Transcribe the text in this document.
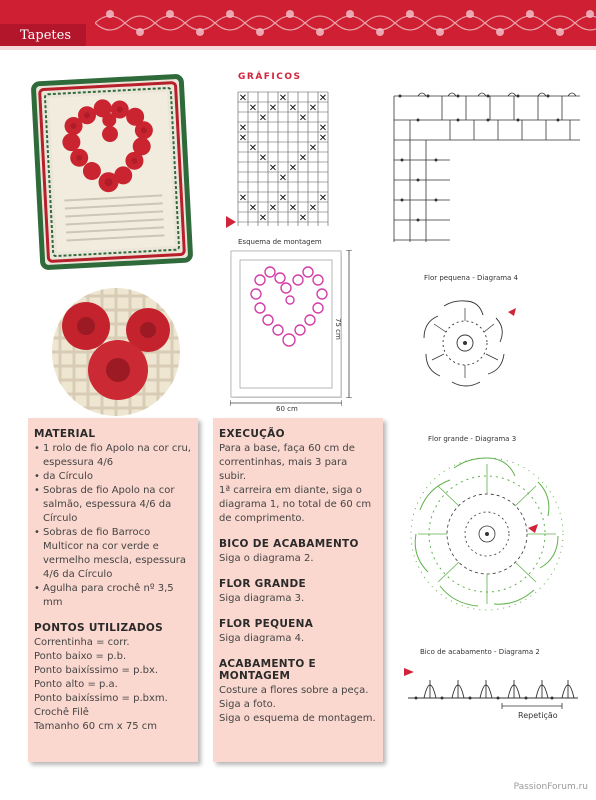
Tapetes
GRÁFICOS
✕	✕
✕
✕	✕
✕ ✕
✕	✕
✕	✕
✕	✕
✕	✕
✕	✕
✕ ✕
✕
✕	✕
✕	✕
✕
✕	✕
✕ ✕
Esquema de montagem
75 cm
60 cm
Flor pequena - Diagrama 4
Flor grande - Diagrama 3
Bico de acabamento - Diagrama 2
Repetição
MATERIAL
• 1 rolo de fio Apolo na cor cru, espessura 4/6
• da Círculo
• Sobras de fio Apolo na cor salmão, espessura 4/6 da Círculo
• Sobras de fio Barroco Multicor na cor verde e vermelho mescla, espessura 4/6 da Círculo
• Agulha para crochê nº 3,5 mm
PONTOS UTILIZADOS

Correntinha = corr.

Ponto baixo = p.b.

Ponto baixíssimo = p.bx.

Ponto alto = p.a.

Ponto baixíssimo = p.bxm.

Crochê Filê

Tamanho 60 cm x 75 cm

EXECUÇÃO

Para a base, faça 60 cm de correntinhas, mais 3 para subir.

1ª carreira em diante, siga o diagrama 1, no total de 60 cm de comprimento.

BICO DE ACABAMENTO

Siga o diagrama 2.

FLOR GRANDE

Siga diagrama 3.

FLOR PEQUENA

Siga diagrama 4.

ACABAMENTO E MONTAGEM

Costure a flores sobre a peça.

Siga a foto.

Siga o esquema de montagem.

PassionForum.ru
